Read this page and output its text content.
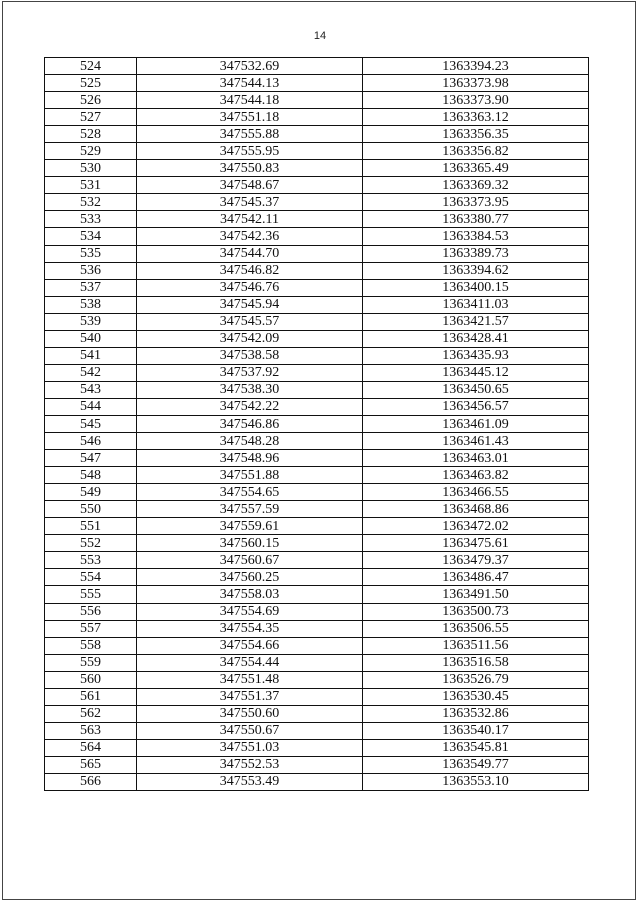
14
524	347532.69	1363394.23
525	347544.13	1363373.98
526	347544.18	1363373.90
527	347551.18	1363363.12
528	347555.88	1363356.35
529	347555.95	1363356.82
530	347550.83	1363365.49
531	347548.67	1363369.32
532	347545.37	1363373.95
533	347542.11	1363380.77
534	347542.36	1363384.53
535	347544.70	1363389.73
536	347546.82	1363394.62
537	347546.76	1363400.15
538	347545.94	1363411.03
539	347545.57	1363421.57
540	347542.09	1363428.41
541	347538.58	1363435.93
542	347537.92	1363445.12
543	347538.30	1363450.65
544	347542.22	1363456.57
545	347546.86	1363461.09
546	347548.28	1363461.43
547	347548.96	1363463.01
548	347551.88	1363463.82
549	347554.65	1363466.55
550	347557.59	1363468.86
551	347559.61	1363472.02
552	347560.15	1363475.61
553	347560.67	1363479.37
554	347560.25	1363486.47
555	347558.03	1363491.50
556	347554.69	1363500.73
557	347554.35	1363506.55
558	347554.66	1363511.56
559	347554.44	1363516.58
560	347551.48	1363526.79
561	347551.37	1363530.45
562	347550.60	1363532.86
563	347550.67	1363540.17
564	347551.03	1363545.81
565	347552.53	1363549.77
566	347553.49	1363553.10
